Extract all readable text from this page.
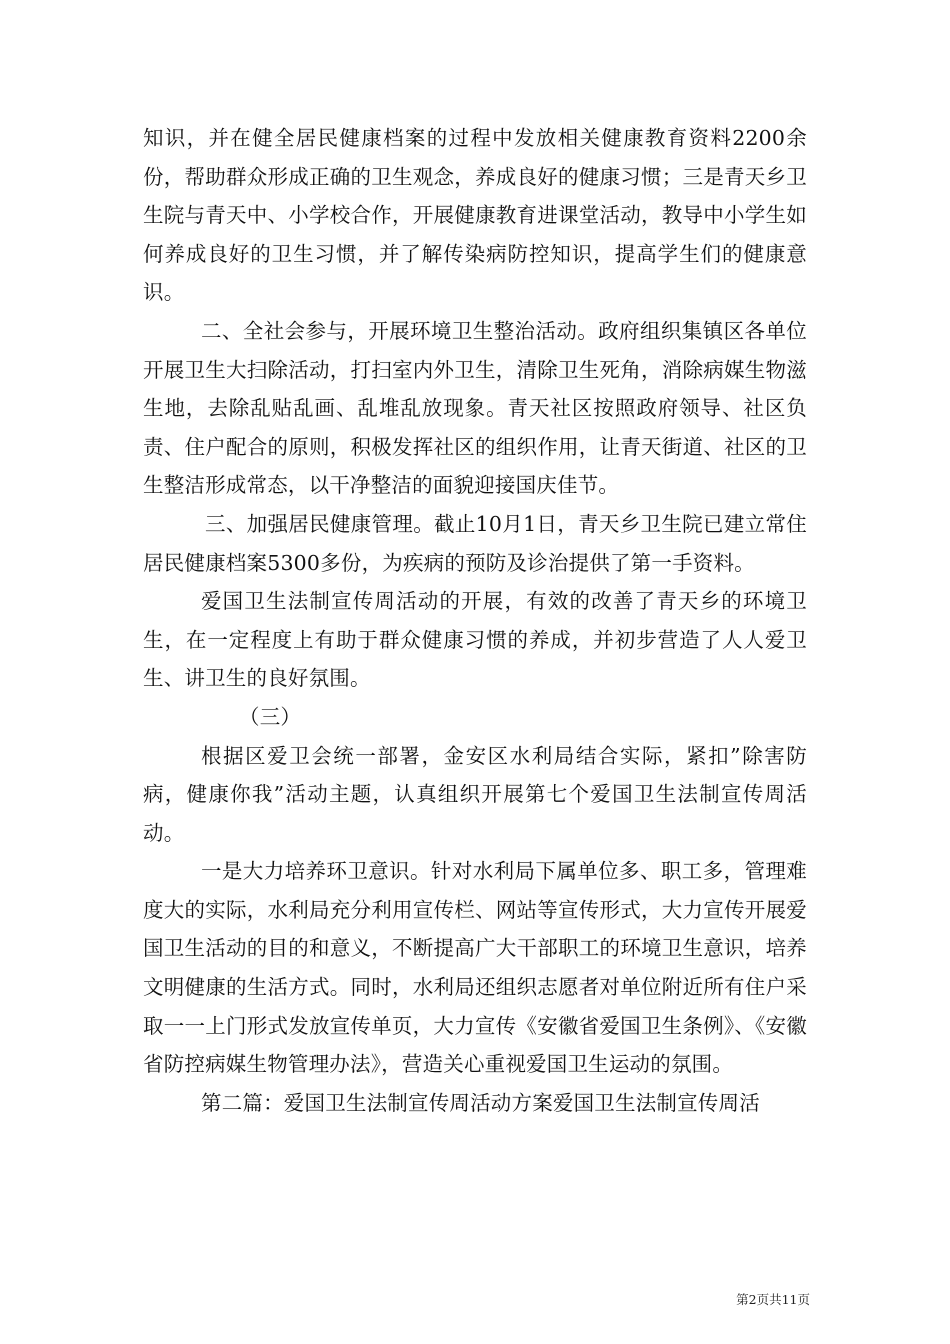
知识，并在健全居民健康档案的过程中发放相关健康教育资料2200余份，帮助群众形成正确的卫生观念，养成良好的健康习惯；三是青天乡卫生院与青天中、小学校合作，开展健康教育进课堂活动，教导中小学生如何养成良好的卫生习惯，并了解传染病防控知识，提高学生们的健康意识。

二、全社会参与，开展环境卫生整治活动。政府组织集镇区各单位开展卫生大扫除活动，打扫室内外卫生，清除卫生死角，消除病媒生物滋生地，去除乱贴乱画、乱堆乱放现象。青天社区按照政府领导、社区负责、住户配合的原则，积极发挥社区的组织作用，让青天街道、社区的卫生整洁形成常态，以干净整洁的面貌迎接国庆佳节。

三、加强居民健康管理。截止10月1日，青天乡卫生院已建立常住居民健康档案5300多份，为疾病的预防及诊治提供了第一手资料。

爱国卫生法制宣传周活动的开展，有效的改善了青天乡的环境卫生，在一定程度上有助于群众健康习惯的养成，并初步营造了人人爱卫生、讲卫生的良好氛围。

（三）

根据区爱卫会统一部署，金安区水利局结合实际，紧扣”除害防病，健康你我”活动主题，认真组织开展第七个爱国卫生法制宣传周活动。

一是大力培养环卫意识。针对水利局下属单位多、职工多，管理难度大的实际，水利局充分利用宣传栏、网站等宣传形式，大力宣传开展爱国卫生活动的目的和意义，不断提高广大干部职工的环境卫生意识，培养文明健康的生活方式。同时，水利局还组织志愿者对单位附近所有住户采取一一上门形式发放宣传单页，大力宣传《安徽省爱国卫生条例》、《安徽省防控病媒生物管理办法》，营造关心重视爱国卫生运动的氛围。

第二篇：爱国卫生法制宣传周活动方案爱国卫生法制宣传周活

第2页共11页
